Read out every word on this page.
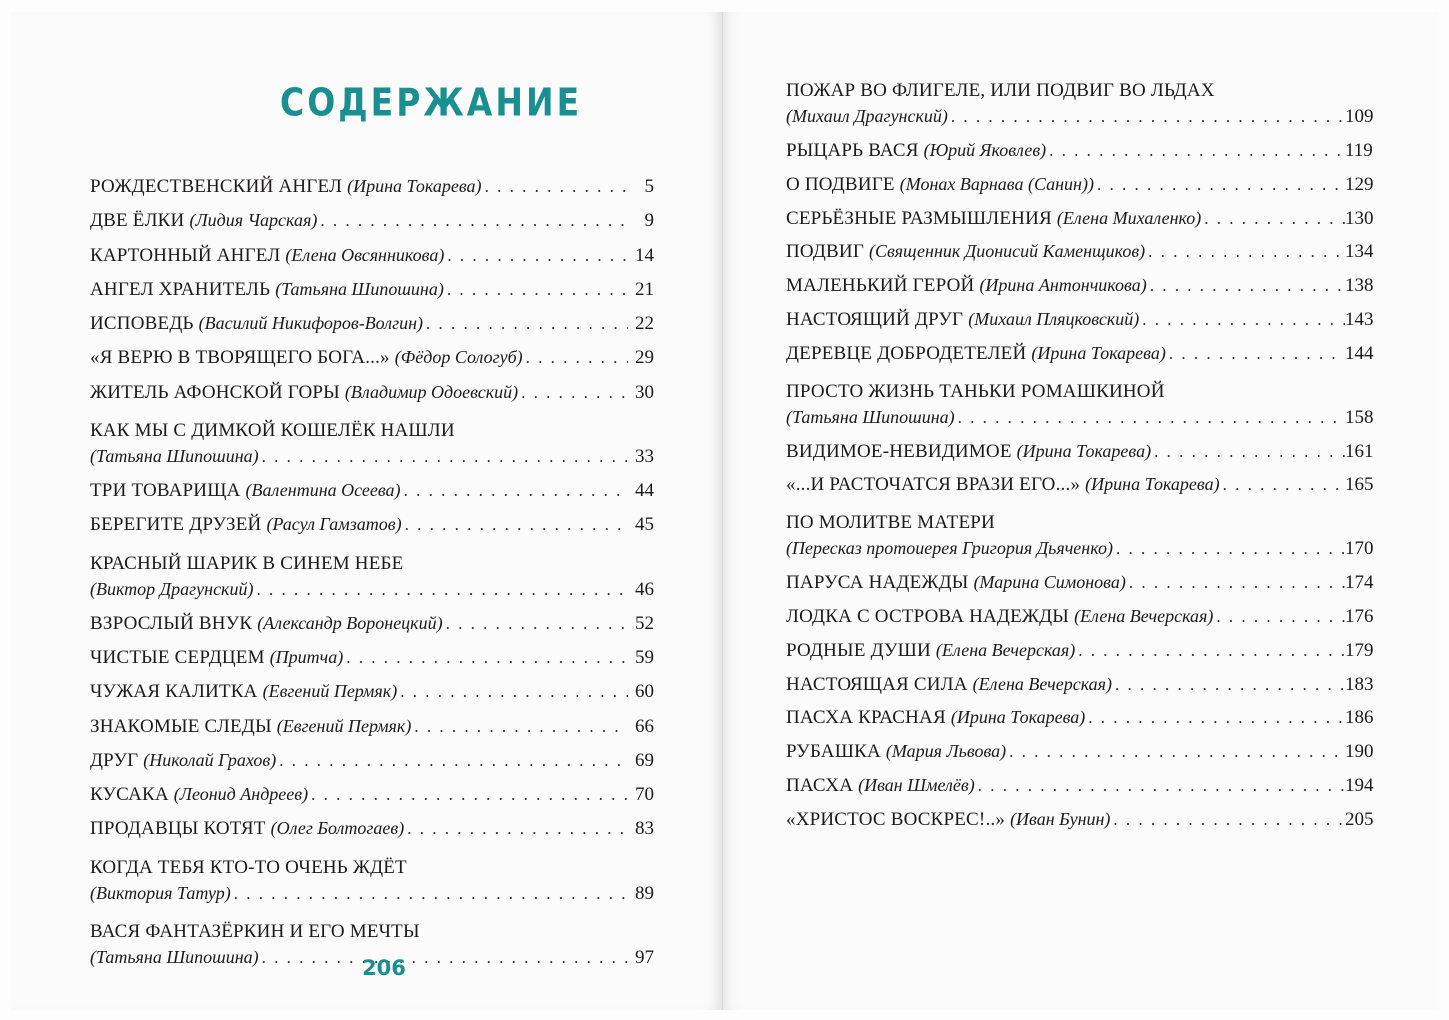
СОДЕРЖАНИЕ
РОЖДЕСТВЕНСКИЙ АНГЕЛ (Ирина Токарева) . . .	5
ДВЕ ЁЛКИ (Лидия Чарская) . . .	9
КАРТОННЫЙ АНГЕЛ (Елена Овсянникова) . . .	14
АНГЕЛ ХРАНИТЕЛЬ (Татьяна Шипошина) . . .	21
ИСПОВЕДЬ (Василий Никифоров-Волгин) . . .	22
«Я ВЕРЮ В ТВОРЯЩЕГО БОГА...» (Фёдор Сологуб) . . .	29
ЖИТЕЛЬ АФОНСКОЙ ГОРЫ (Владимир Одоевский) . . .	30
КАК МЫ С ДИМКОЙ КОШЕЛЁК НАШЛИ
(Татьяна Шипошина) . . .	33
ТРИ ТОВАРИЩА (Валентина Осеева) . . .	44
БЕРЕГИТЕ ДРУЗЕЙ (Расул Гамзатов) . . .	45
КРАСНЫЙ ШАРИК В СИНЕМ НЕБЕ
(Виктор Драгунский) . . .	46
ВЗРОСЛЫЙ ВНУК (Александр Воронецкий) . . .	52
ЧИСТЫЕ СЕРДЦЕМ (Притча) . . .	59
ЧУЖАЯ КАЛИТКА (Евгений Пермяк) . . .	60
ЗНАКОМЫЕ СЛЕДЫ (Евгений Пермяк) . . .	66
ДРУГ (Николай Грахов) . . .	69
КУСАКА (Леонид Андреев) . . .	70
ПРОДАВЦЫ КОТЯТ (Олег Болтогаев) . . .	83
КОГДА ТЕБЯ КТО-ТО ОЧЕНЬ ЖДЁТ
(Виктория Татур) . . .	89
ВАСЯ ФАНТАЗЁРКИН И ЕГО МЕЧТЫ
(Татьяна Шипошина) . . .	97
206
ПОЖАР ВО ФЛИГЕЛЕ, ИЛИ ПОДВИГ ВО ЛЬДАХ
(Михаил Драгунский) . . .	109
РЫЦАРЬ ВАСЯ (Юрий Яковлев) . . .	119
О ПОДВИГЕ (Монах Варнава (Санин)) . . .	129
СЕРЬЁЗНЫЕ РАЗМЫШЛЕНИЯ (Елена Михаленко) . . .	130
ПОДВИГ (Священник Дионисий Каменщиков) . . .	134
МАЛЕНЬКИЙ ГЕРОЙ (Ирина Антончикова) . . .	138
НАСТОЯЩИЙ ДРУГ (Михаил Пляцковский) . . .	143
ДЕРЕВЦЕ ДОБРОДЕТЕЛЕЙ (Ирина Токарева) . . .	144
ПРОСТО ЖИЗНЬ ТАНЬКИ РОМАШКИНОЙ
(Татьяна Шипошина) . . .	158
ВИДИМОЕ-НЕВИДИМОЕ (Ирина Токарева) . . .	161
«...И РАСТОЧАТСЯ ВРАЗИ ЕГО...» (Ирина Токарева) . . .	165
ПО МОЛИТВЕ МАТЕРИ
(Пересказ протоиерея Григория Дьяченко) . . .	170
ПАРУСА НАДЕЖДЫ (Марина Симонова) . . .	174
ЛОДКА С ОСТРОВА НАДЕЖДЫ (Елена Вечерская) . . .	176
РОДНЫЕ ДУШИ (Елена Вечерская) . . .	179
НАСТОЯЩАЯ СИЛА (Елена Вечерская) . . .	183
ПАСХА КРАСНАЯ (Ирина Токарева) . . .	186
РУБАШКА (Мария Львова) . . .	190
ПАСХА (Иван Шмелёв) . . .	194
«ХРИСТОС ВОСКРЕС!..» (Иван Бунин) . . .	205
